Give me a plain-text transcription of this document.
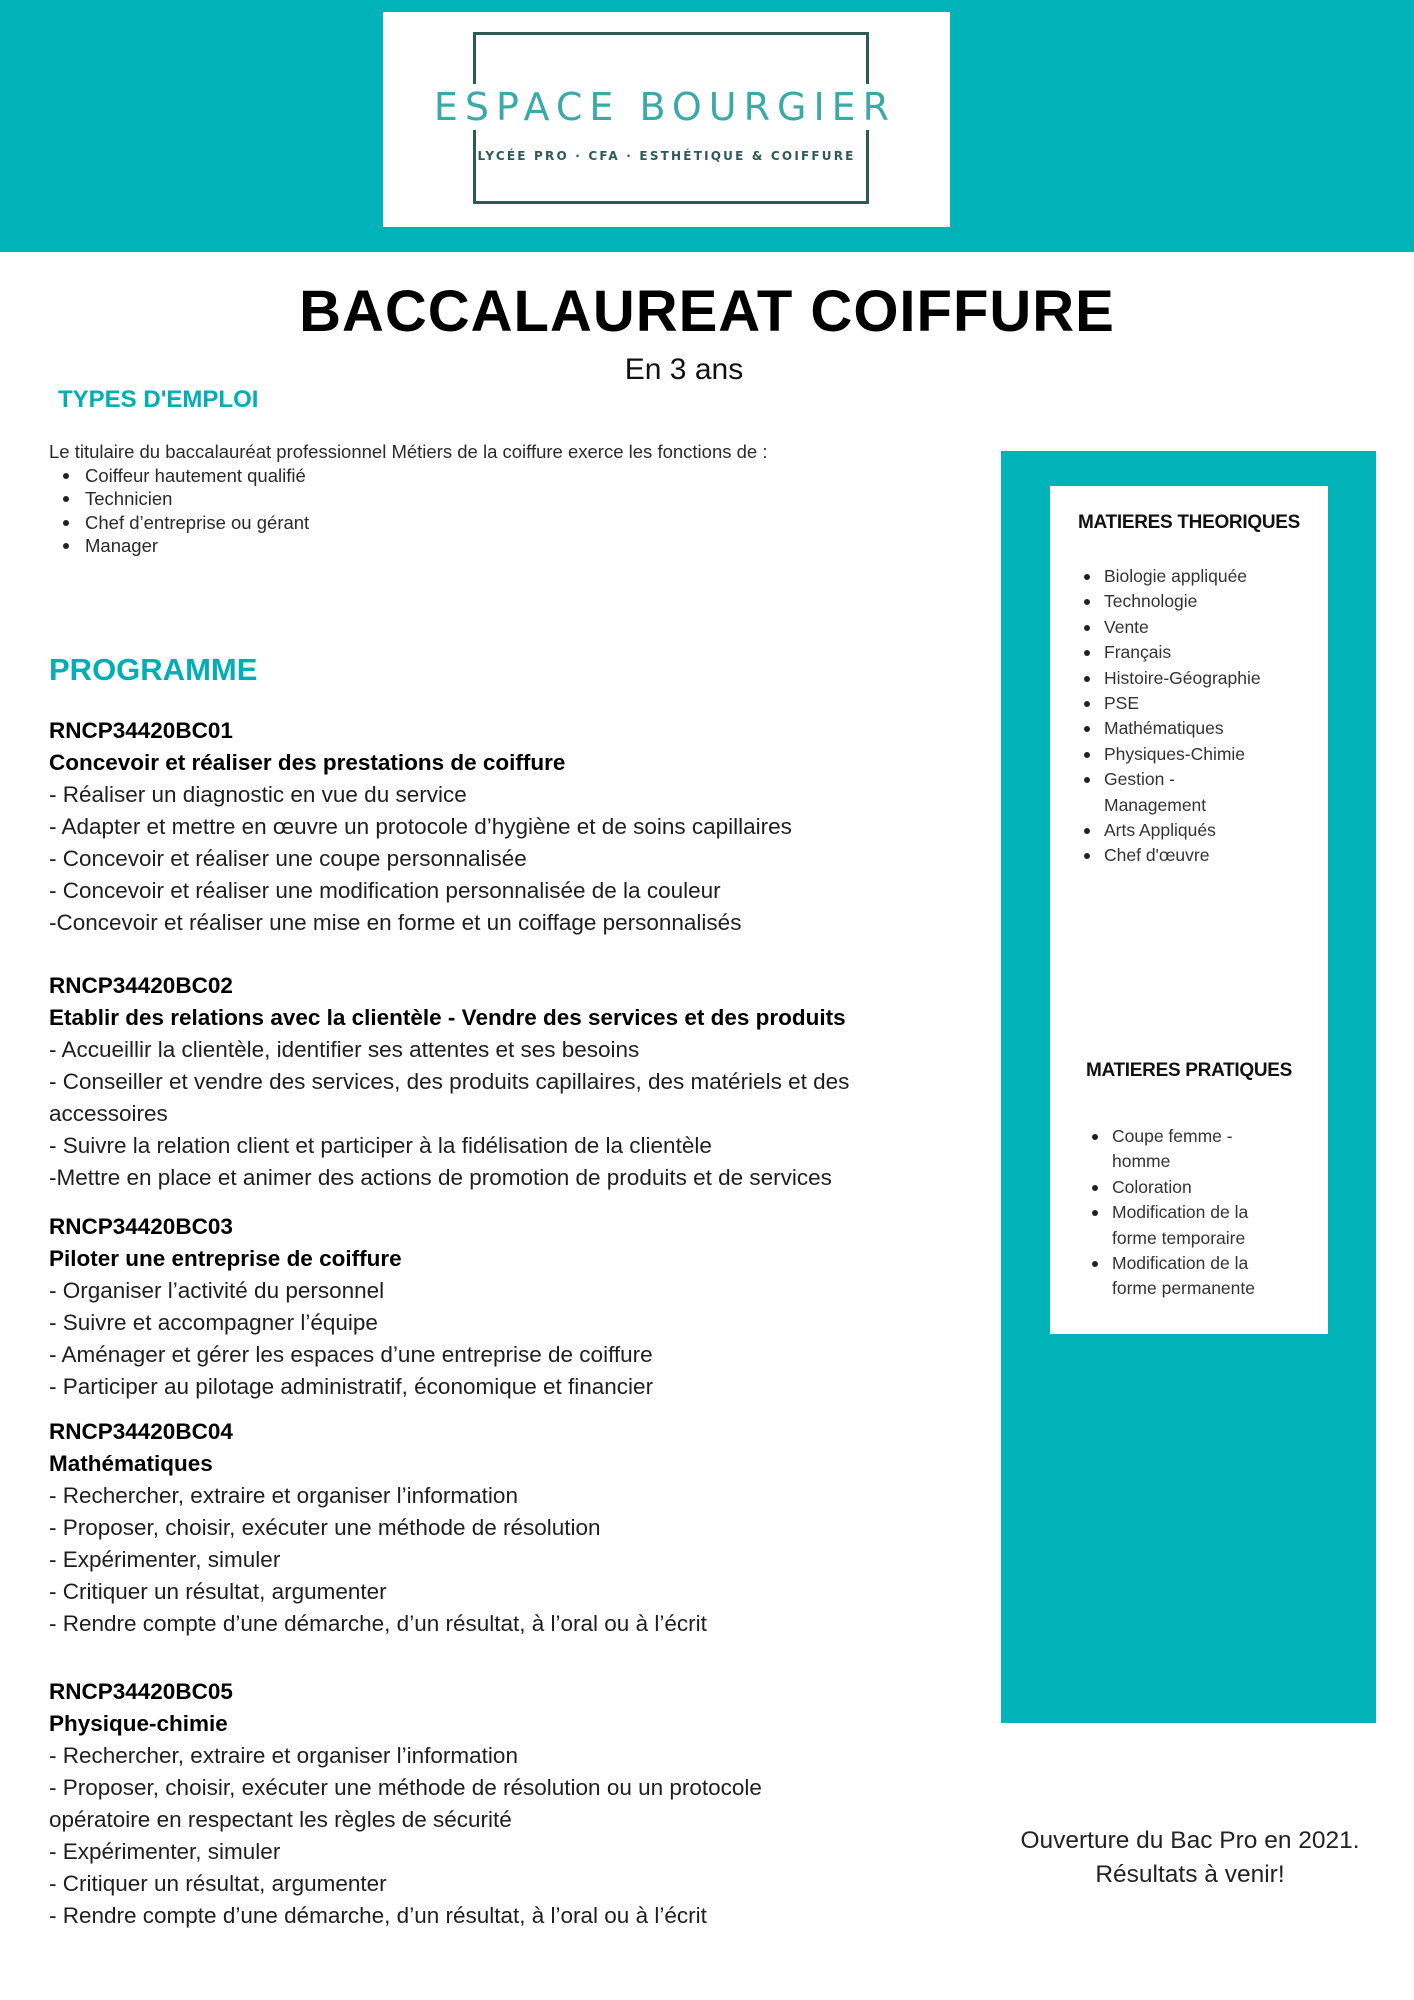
ESPACE BOURGIER
LYCÉE PRO · CFA · ESTHÉTIQUE & COIFFURE
BACCALAUREAT COIFFURE
En 3 ans
TYPES D'EMPLOI

Le titulaire du baccalauréat professionnel Métiers de la coiffure exerce les fonctions de :

Coiffeur hautement qualifié
Technicien
Chef d’entreprise ou gérant
Manager
PROGRAMME
RNCP34420BC01
Concevoir et réaliser des prestations de coiffure
- Réaliser un diagnostic en vue du service
- Adapter et mettre en œuvre un protocole d’hygiène et de soins capillaires
- Concevoir et réaliser une coupe personnalisée
- Concevoir et réaliser une modification personnalisée de la couleur
-Concevoir et réaliser une mise en forme et un coiffage personnalisés
RNCP34420BC02
Etablir des relations avec la clientèle - Vendre des services et des produits
- Accueillir la clientèle, identifier ses attentes et ses besoins
- Conseiller et vendre des services, des produits capillaires, des matériels et des accessoires
- Suivre la relation client et participer à la fidélisation de la clientèle
-Mettre en place et animer des actions de promotion de produits et de services
RNCP34420BC03
Piloter une entreprise de coiffure
- Organiser l’activité du personnel
- Suivre et accompagner l’équipe
- Aménager et gérer les espaces d’une entreprise de coiffure
- Participer au pilotage administratif, économique et financier
RNCP34420BC04
Mathématiques
- Rechercher, extraire et organiser l’information
- Proposer, choisir, exécuter une méthode de résolution
- Expérimenter, simuler
- Critiquer un résultat, argumenter
- Rendre compte d’une démarche, d’un résultat, à l’oral ou à l’écrit
RNCP34420BC05
Physique-chimie
- Rechercher, extraire et organiser l’information
- Proposer, choisir, exécuter une méthode de résolution ou un protocole opératoire en respectant les règles de sécurité
- Expérimenter, simuler
- Critiquer un résultat, argumenter
- Rendre compte d’une démarche, d’un résultat, à l’oral ou à l’écrit
MATIERES THEORIQUES
Biologie appliquée
Technologie
Vente
Français
Histoire-Géographie
PSE
Mathématiques
Physiques-Chimie
Gestion - Management
Arts Appliqués
Chef d'œuvre
MATIERES PRATIQUES
Coupe femme - homme
Coloration
Modification de la forme temporaire
Modification de la forme permanente
Ouverture du Bac Pro en 2021.
Résultats à venir!
